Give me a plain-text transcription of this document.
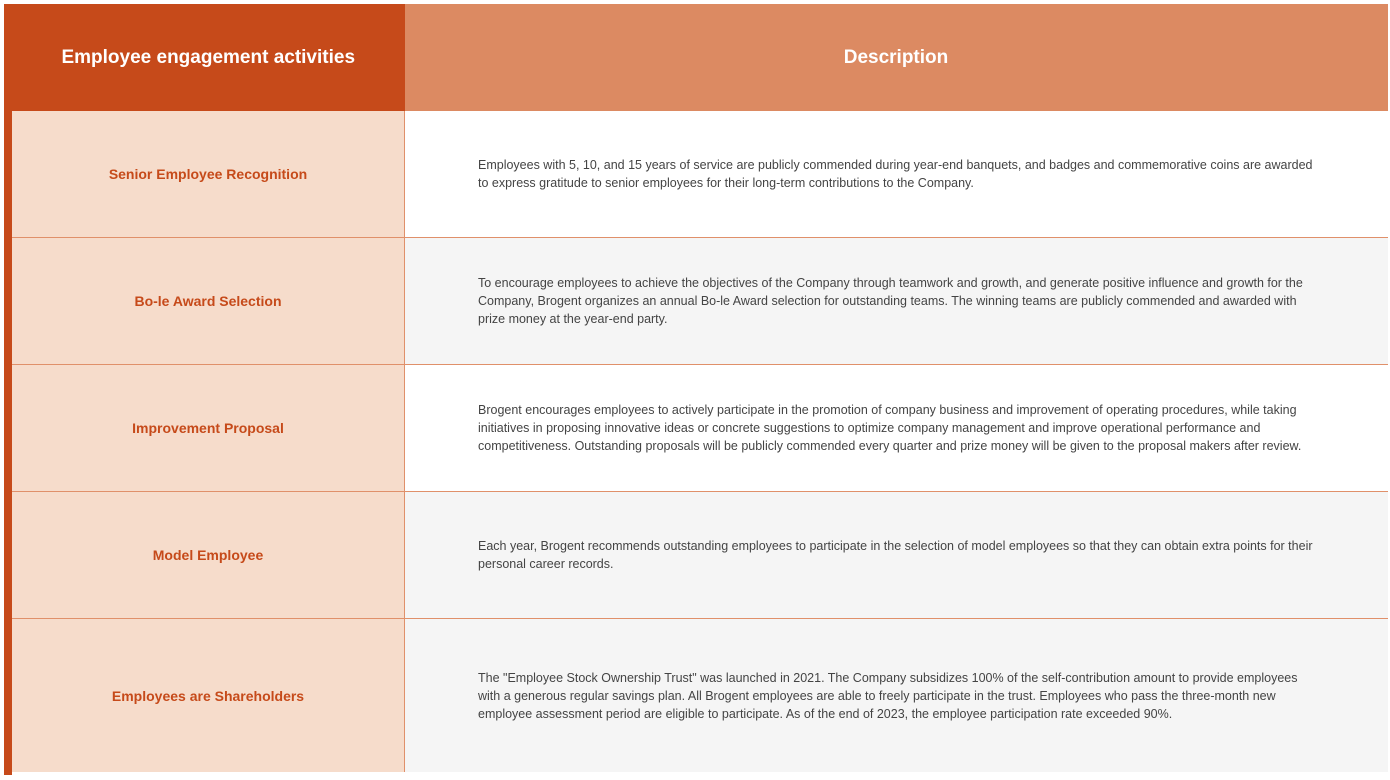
Employee engagement activities	Description
Senior Employee Recognition	Employees with 5, 10, and 15 years of service are publicly commended during year-end banquets, and badges and commemorative coins are awarded to express gratitude to senior employees for their long-term contributions to the Company.
Bo-le Award Selection	To encourage employees to achieve the objectives of the Company through teamwork and growth, and generate positive influence and growth for the Company, Brogent organizes an annual Bo-le Award selection for outstanding teams. The winning teams are publicly commended and awarded with prize money at the year-end party.
Improvement Proposal	Brogent encourages employees to actively participate in the promotion of company business and improvement of operating procedures, while taking initiatives in proposing innovative ideas or concrete suggestions to optimize company management and improve operational performance and competitiveness. Outstanding proposals will be publicly commended every quarter and prize money will be given to the proposal makers after review.
Model Employee	Each year, Brogent recommends outstanding employees to participate in the selection of model employees so that they can obtain extra points for their personal career records.
Employees are Shareholders	The "Employee Stock Ownership Trust" was launched in 2021. The Company subsidizes 100% of the self-contribution amount to provide employees with a generous regular savings plan. All Brogent employees are able to freely participate in the trust. Employees who pass the three-month new employee assessment period are eligible to participate. As of the end of 2023, the employee participation rate exceeded 90%.
